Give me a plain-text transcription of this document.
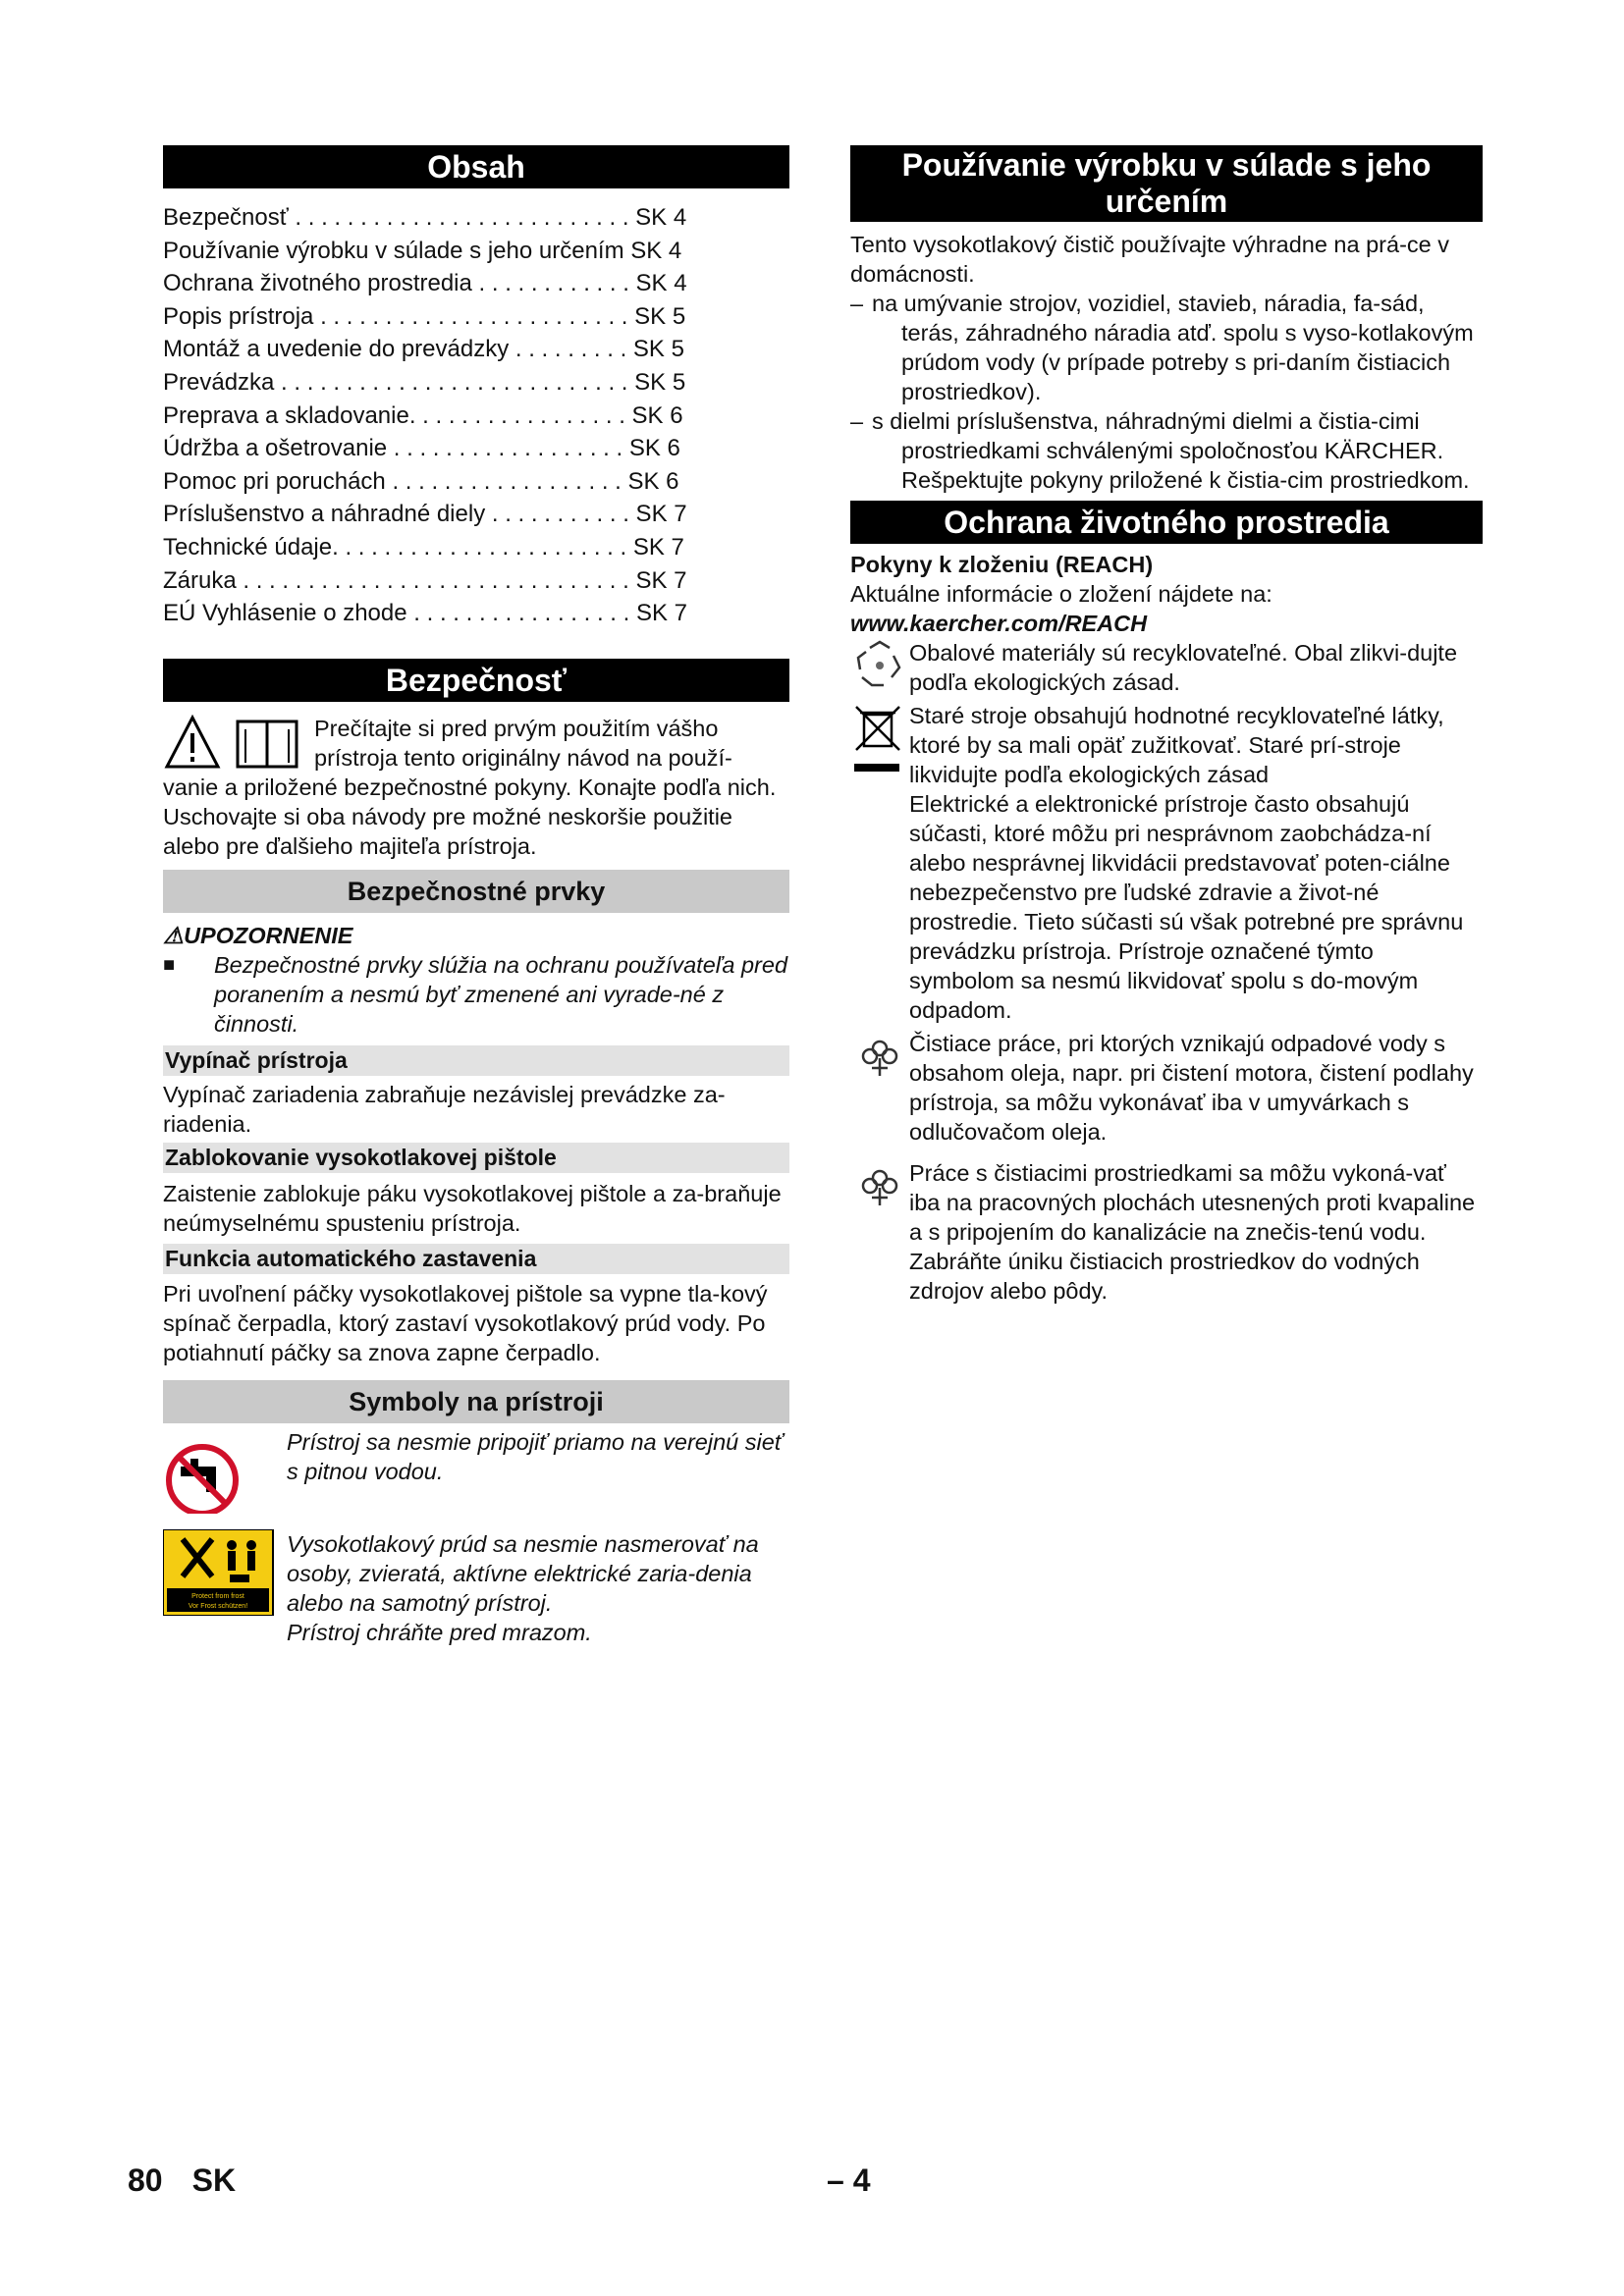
Obsah
Bezpečnosť . . . . . . . . . . . . . . . . . . . . . . . . . . SK 4
Používanie výrobku v súlade s jeho určením SK 4
Ochrana životného prostredia . . . . . . . . . . . . SK 4
Popis prístroja . . . . . . . . . . . . . . . . . . . . . . . . SK 5
Montáž a uvedenie do prevádzky . . . . . . . . . SK 5
Prevádzka . . . . . . . . . . . . . . . . . . . . . . . . . . . SK 5
Preprava a skladovanie. . . . . . . . . . . . . . . . . SK 6
Údržba a ošetrovanie . . . . . . . . . . . . . . . . . . SK 6
Pomoc pri poruchách . . . . . . . . . . . . . . . . . . SK 6
Príslušenstvo a náhradné diely . . . . . . . . . . . SK 7
Technické údaje. . . . . . . . . . . . . . . . . . . . . . . SK 7
Záruka . . . . . . . . . . . . . . . . . . . . . . . . . . . . . . SK 7
EÚ Vyhlásenie o zhode . . . . . . . . . . . . . . . . . SK 7
Bezpečnosť

Prečítajte si pred prvým použitím vášho

prístroja tento originálny návod na použí-

vanie a priložené bezpečnostné pokyny. Konajte podľa nich. Uschovajte si oba návody pre možné neskoršie použitie alebo pre ďalšieho majiteľa prístroja.

Bezpečnostné prvky
⚠UPOZORNENIE
■	Bezpečnostné prvky slúžia na ochranu používateľa pred poranením a nesmú byť zmenené ani vyrade-né z činnosti.

Vypínač prístroja

Vypínač zariadenia zabraňuje nezávislej prevádzke za-riadenia.

Zablokovanie vysokotlakovej pištole

Zaistenie zablokuje páku vysokotlakovej pištole a za-braňuje neúmyselnému spusteniu prístroja.

Funkcia automatického zastavenia

Pri uvoľnení páčky vysokotlakovej pištole sa vypne tla-kový spínač čerpadla, ktorý zastaví vysokotlakový prúd vody. Po potiahnutí páčky sa znova zapne čerpadlo.

Symboly na prístroji

Prístroj sa nesmie pripojiť priamo na verejnú sieť s pitnou vodou.

Protect from frost
Vor Frost schützen!

Vysokotlakový prúd sa nesmie nasmerovať na osoby, zvieratá, aktívne elektrické zaria-denia alebo na samotný prístroj.

Prístroj chráňte pred mrazom.

Používanie výrobku v súlade s jeho určením

Tento vysokotlakový čistič používajte výhradne na prá-ce v domácnosti.

– na umývanie strojov, vozidiel, stavieb, náradia, fa-sád, terás, záhradného náradia atď. spolu s vyso-kotlakovým prúdom vody (v prípade potreby s pri-daním čistiacich prostriedkov).
– s dielmi príslušenstva, náhradnými dielmi a čistia-cimi prostriedkami schválenými spoločnosťou KÄRCHER. Rešpektujte pokyny priložené k čistia-cim prostriedkom.
Ochrana životného prostredia

Pokyny k zloženiu (REACH)

Aktuálne informácie o zložení nájdete na:

www.kaercher.com/REACH

Obalové materiály sú recyklovateľné. Obal zlikvi-dujte podľa ekologických zásad.

Staré stroje obsahujú hodnotné recyklovateľné látky, ktoré by sa mali opäť zužitkovať. Staré prí-stroje likvidujte podľa ekologických zásad

Elektrické a elektronické prístroje často obsahujú súčasti, ktoré môžu pri nesprávnom zaobchádza-ní alebo nesprávnej likvidácii predstavovať poten-ciálne nebezpečenstvo pre ľudské zdravie a život-né prostredie. Tieto súčasti sú však potrebné pre správnu prevádzku prístroja. Prístroje označené týmto symbolom sa nesmú likvidovať spolu s do-movým odpadom.

Čistiace práce, pri ktorých vznikajú odpadové vody s obsahom oleja, napr. pri čistení motora, čistení podlahy prístroja, sa môžu vykonávať iba v umyvárkach s odlučovačom oleja.

Práce s čistiacimi prostriedkami sa môžu vykoná-vať iba na pracovných plochách utesnených proti kvapaline a s pripojením do kanalizácie na znečis-tenú vodu. Zabráňte úniku čistiacich prostriedkov do vodných zdrojov alebo pôdy.

80 SK	– 4
